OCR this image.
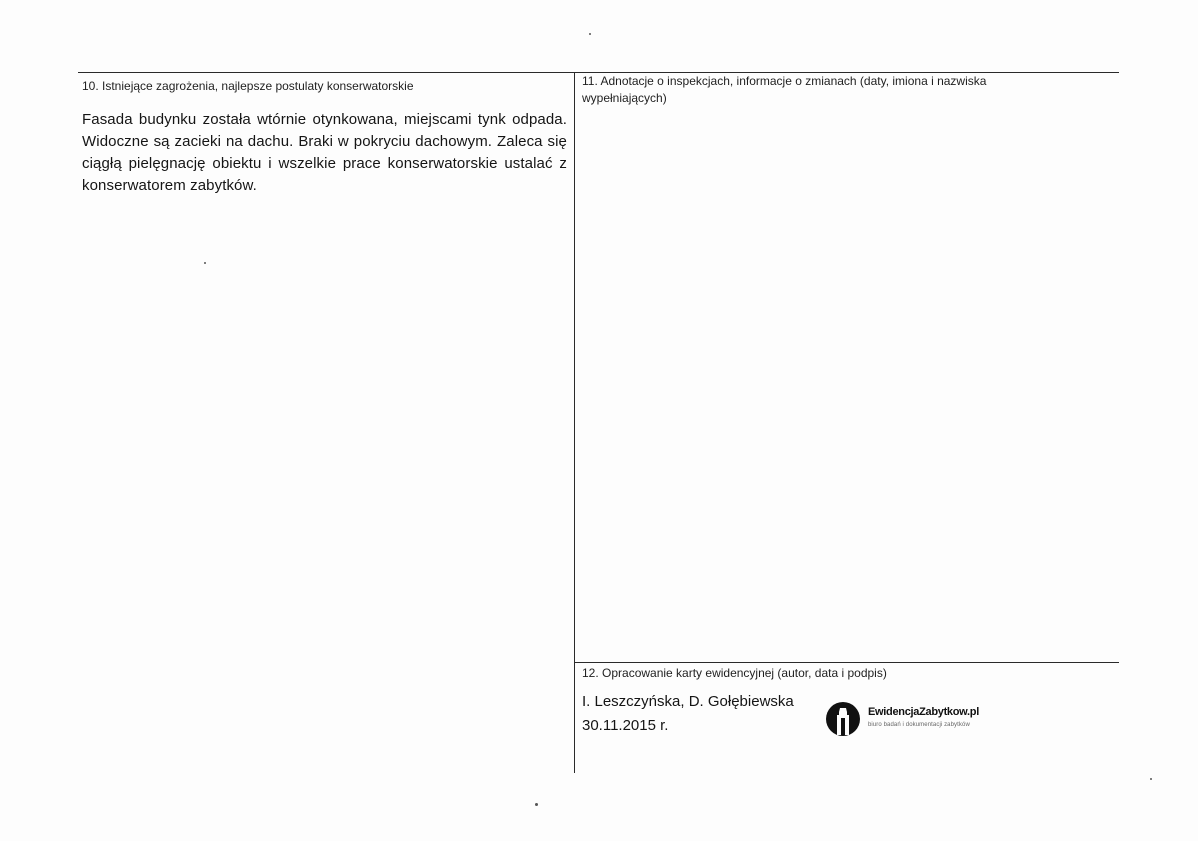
10. Istniejące zagrożenia, najlepsze postulaty konserwatorskie
Fasada budynku została wtórnie otynkowana, miejscami tynk odpada. Widoczne są zacieki na dachu. Braki w pokryciu dachowym. Zaleca się ciągłą pielęgnację obiektu i wszelkie prace konserwatorskie ustalać z konserwatorem zabytków.
11. Adnotacje o inspekcjach, informacje o zmianach (daty, imiona i nazwiska wypełniających)
12. Opracowanie karty ewidencyjnej (autor, data i podpis)
I. Leszczyńska, D. Gołębiewska
30.11.2015 r.
EwidencjaZabytkow.pl
biuro badań i dokumentacji zabytków
